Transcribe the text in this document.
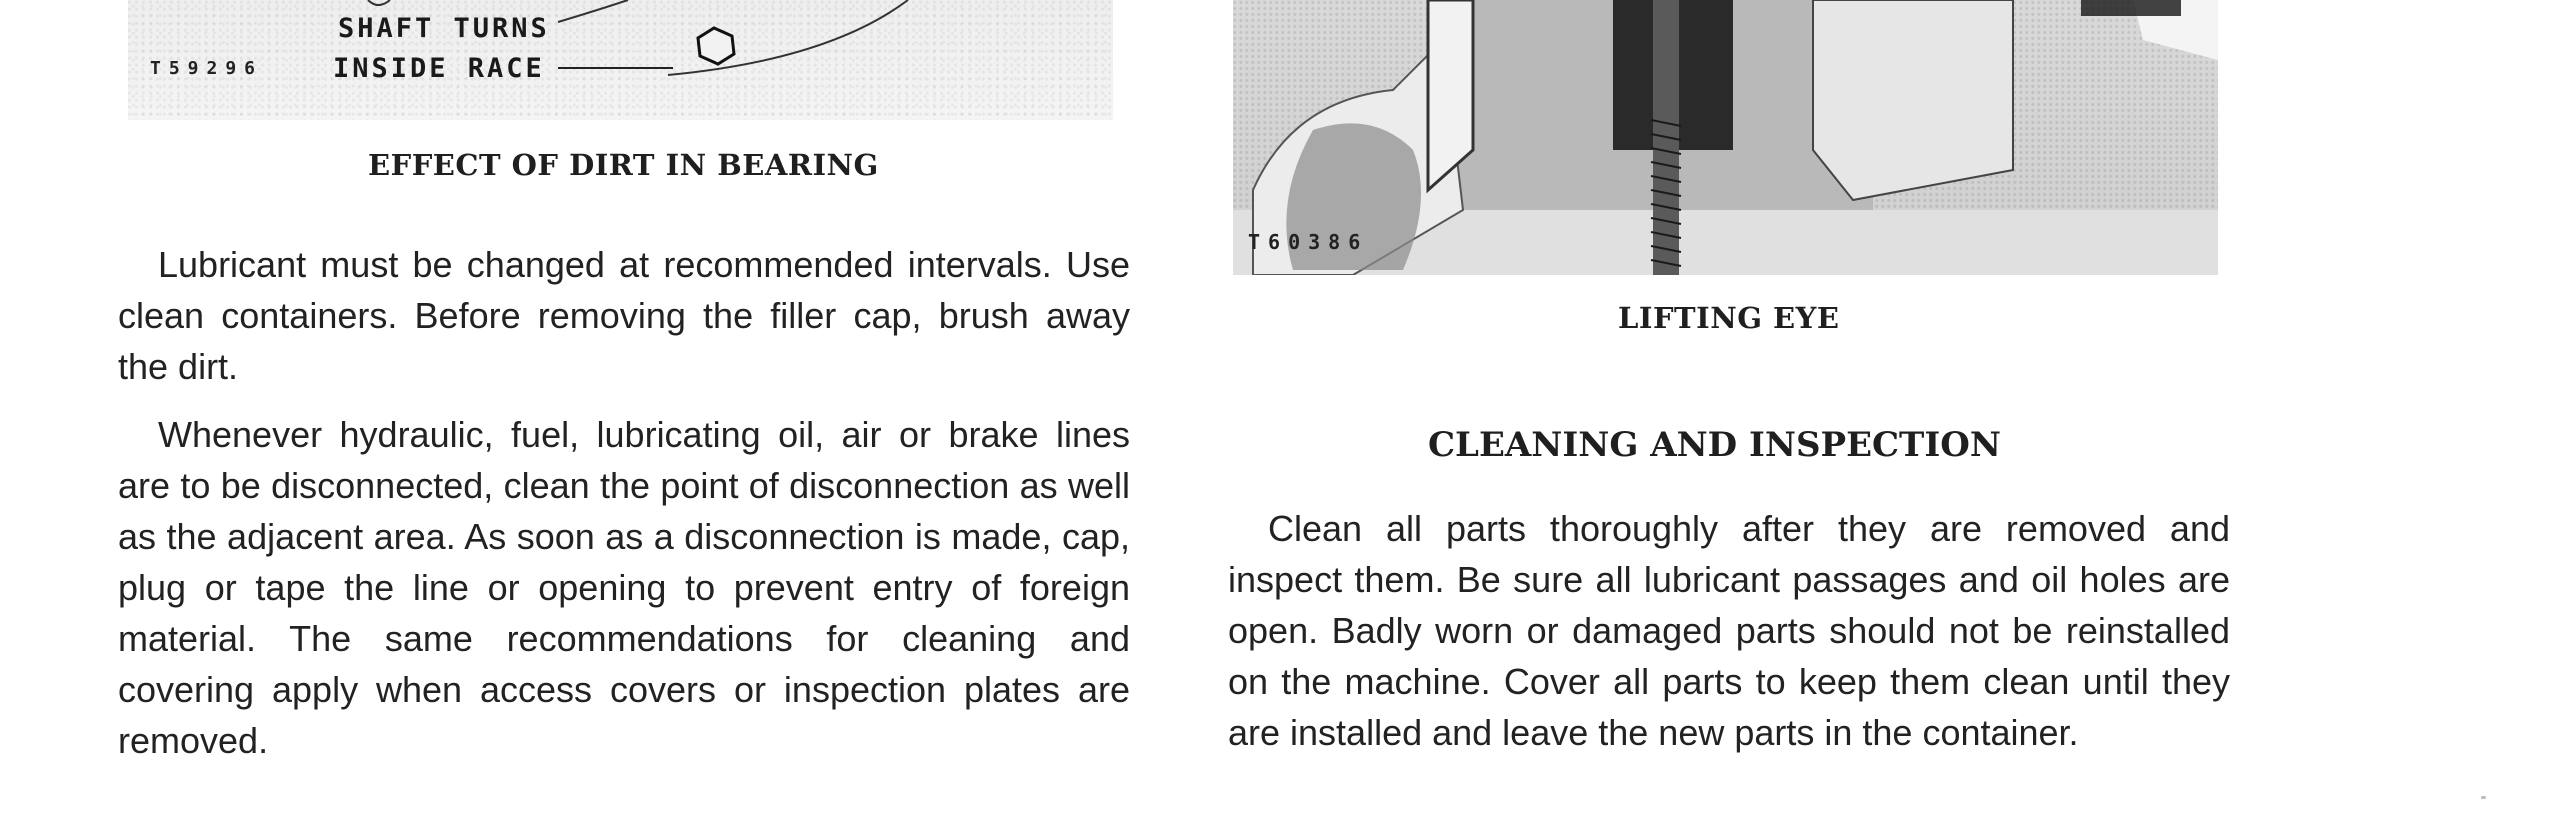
SHAFT TURNS
INSIDE RACE
T59296
T60386
EFFECT OF DIRT IN BEARING
LIFTING EYE

Lubricant must be changed at recommended intervals. Use clean containers. Before removing the filler cap, brush away the dirt.

Whenever hydraulic, fuel, lubricating oil, air or brake lines are to be disconnected, clean the point of disconnection as well as the adjacent area. As soon as a disconnection is made, cap, plug or tape the line or opening to prevent entry of foreign material. The same recommendations for cleaning and covering apply when access covers or inspection plates are removed.

CLEANING AND INSPECTION

Clean all parts thoroughly after they are removed and inspect them. Be sure all lubricant passages and oil holes are open. Badly worn or damaged parts should not be reinstalled on the machine. Cover all parts to keep them clean until they are installed and leave the new parts in the container.
